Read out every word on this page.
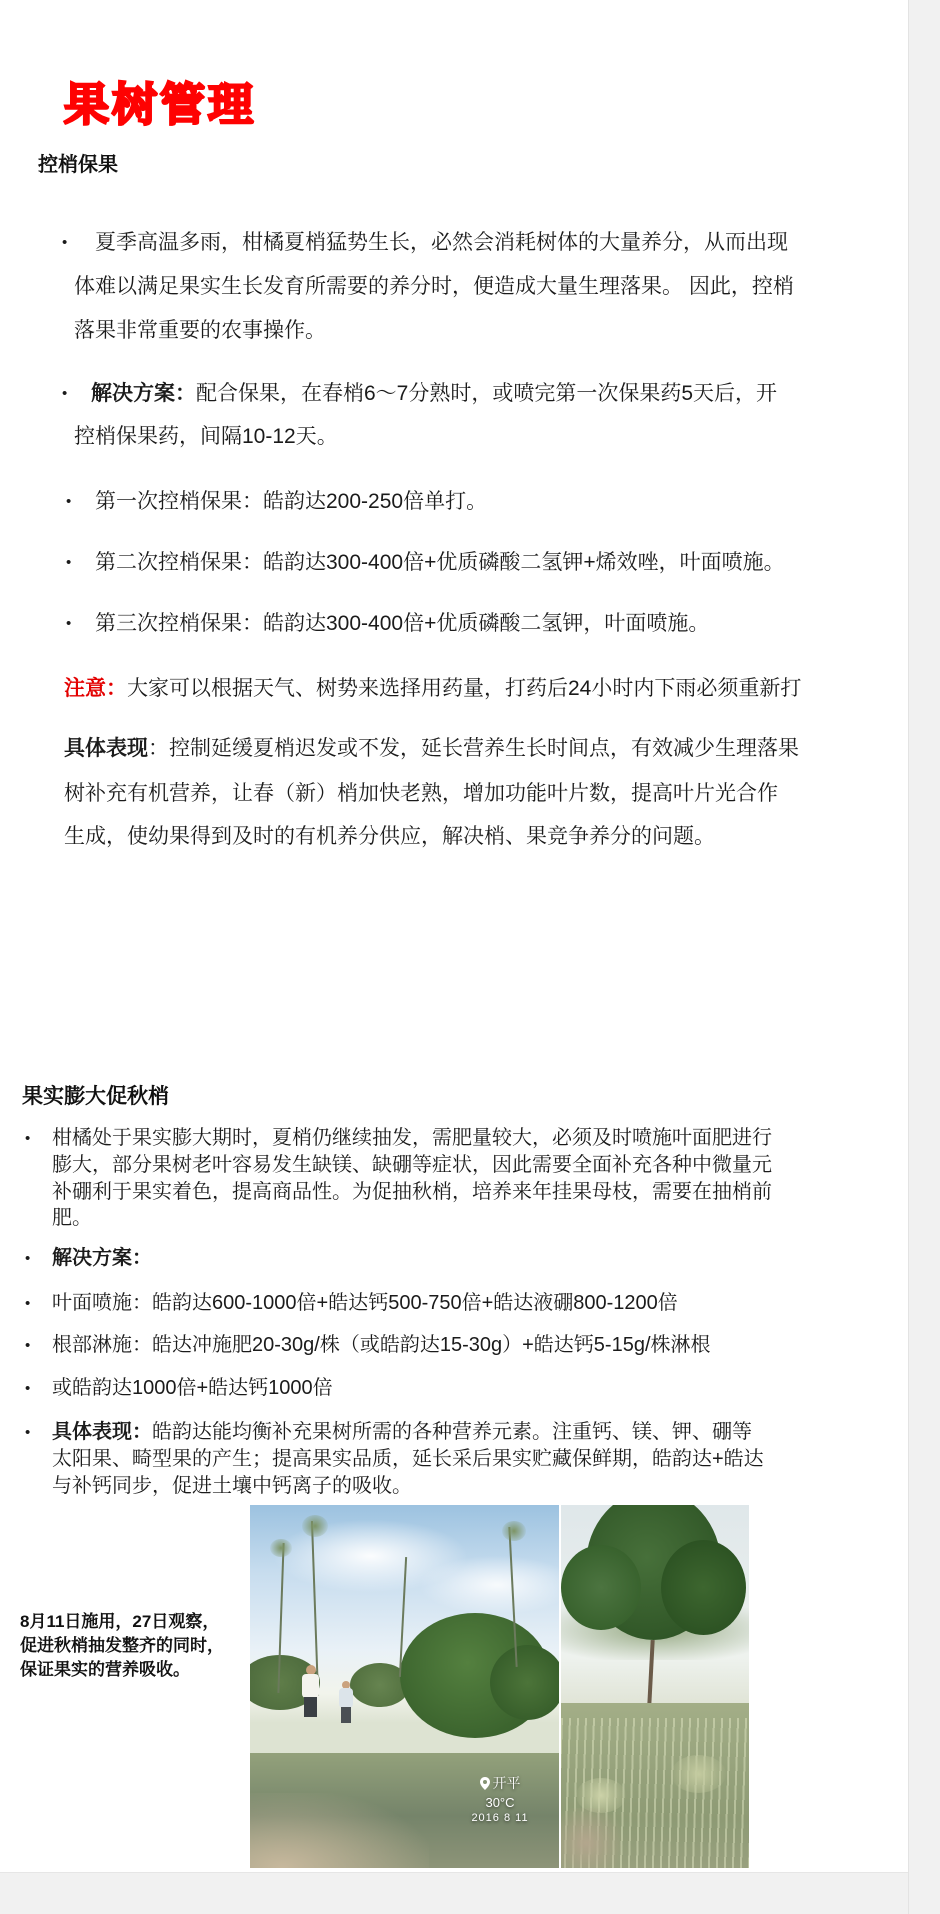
果树管理
控梢保果
• 夏季高温多雨，柑橘夏梢猛势生长，必然会消耗树体的大量养分，从而出现
体难以满足果实生长发育所需要的养分时，便造成大量生理落果。 因此，控梢
落果非常重要的农事操作。
• 解决方案：配合保果，在春梢6～7分熟时，或喷完第一次保果药5天后，开
控梢保果药，间隔10-12天。
• 第一次控梢保果：皓韵达200-250倍单打。
• 第二次控梢保果：皓韵达300-400倍+优质磷酸二氢钾+烯效唑，叶面喷施。
• 第三次控梢保果：皓韵达300-400倍+优质磷酸二氢钾，叶面喷施。
注意：大家可以根据天气、树势来选择用药量，打药后24小时内下雨必须重新打
具体表现：控制延缓夏梢迟发或不发，延长营养生长时间点，有效减少生理落果
树补充有机营养，让春（新）梢加快老熟，增加功能叶片数，提高叶片光合作
生成，使幼果得到及时的有机养分供应，解决梢、果竞争养分的问题。
果实膨大促秋梢
• 柑橘处于果实膨大期时，夏梢仍继续抽发，需肥量较大，必须及时喷施叶面肥进行
膨大，部分果树老叶容易发生缺镁、缺硼等症状，因此需要全面补充各种中微量元
补硼利于果实着色，提高商品性。为促抽秋梢，培养来年挂果母枝，需要在抽梢前
肥。
• 解决方案：
• 叶面喷施：皓韵达600-1000倍+皓达钙500-750倍+皓达液硼800-1200倍
• 根部淋施：皓达冲施肥20-30g/株（或皓韵达15-30g）+皓达钙5-15g/株淋根
• 或皓韵达1000倍+皓达钙1000倍
• 具体表现：皓韵达能均衡补充果树所需的各种营养元素。注重钙、镁、钾、硼等
太阳果、畸型果的产生；提高果实品质，延长采后果实贮藏保鲜期，皓韵达+皓达
与补钙同步，促进土壤中钙离子的吸收。
8月11日施用，27日观察，
促进秋梢抽发整齐的同时，
保证果实的营养吸收。
开平
30°C
2016 8 11
